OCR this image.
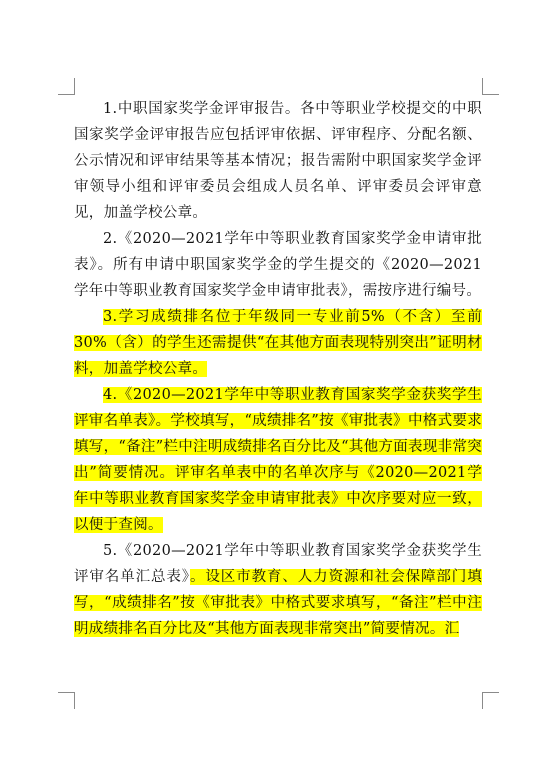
1.中职国家奖学金评审报告。各中等职业学校提交的中职国家奖学金评审报告应包括评审依据、评审程序、分配名额、公示情况和评审结果等基本情况；报告需附中职国家奖学金评审领导小组和评审委员会组成人员名单、评审委员会评审意见，加盖学校公章。

2.《2020—2021学年中等职业教育国家奖学金申请审批表》。所有申请中职国家奖学金的学生提交的《2020—2021学年中等职业教育国家奖学金申请审批表》，需按序进行编号。

3.学习成绩排名位于年级同一专业前5%（不含）至前30%（含）的学生还需提供“在其他方面表现特别突出”证明材料，加盖学校公章。

4.《2020—2021学年中等职业教育国家奖学金获奖学生评审名单表》。学校填写，“成绩排名”按《审批表》中格式要求填写，“备注”栏中注明成绩排名百分比及“其他方面表现非常突出”简要情况。评审名单表中的名单次序与《2020—2021学年中等职业教育国家奖学金申请审批表》中次序要对应一致，以便于查阅。

5.《2020—2021学年中等职业教育国家奖学金获奖学生评审名单汇总表》。设区市教育、人力资源和社会保障部门填写，“成绩排名”按《审批表》中格式要求填写，“备注”栏中注明成绩排名百分比及“其他方面表现非常突出”简要情况。汇
